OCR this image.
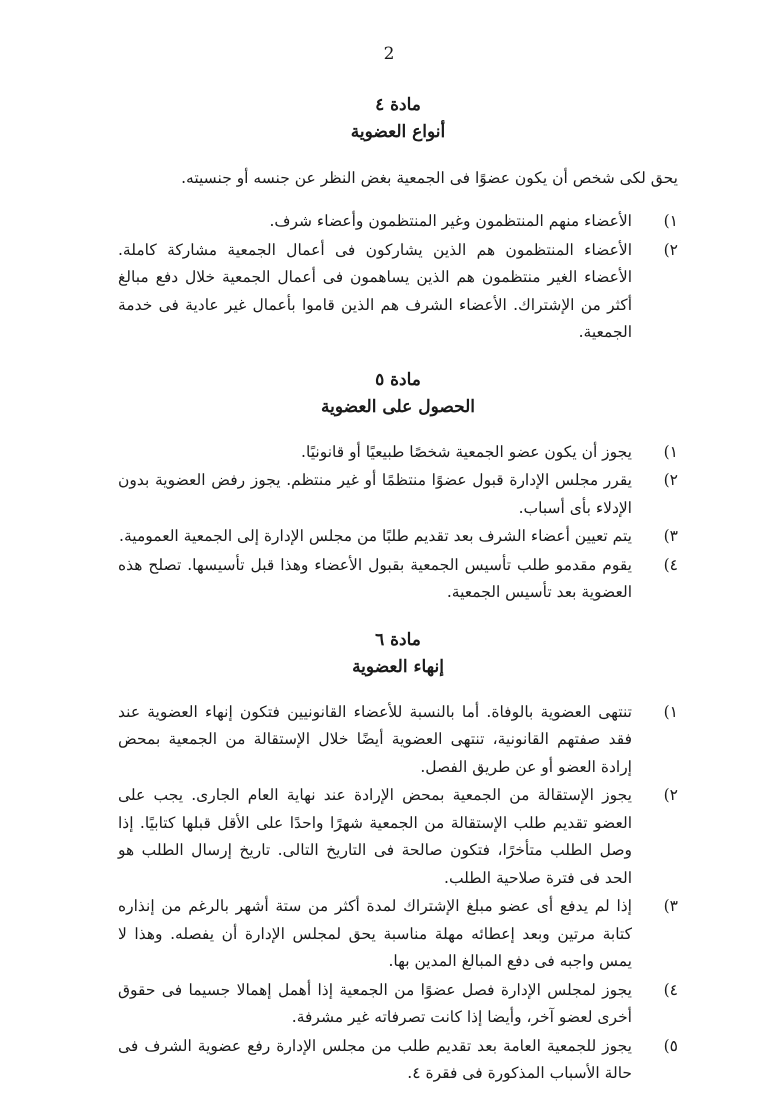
2
مادة ٤
أنواع العضوية
يحق لكى شخص أن يكون عضوًا فى الجمعية بغض النظر عن جنسه أو جنسيته.
١)
الأعضاء منهم المنتظمون وغير المنتظمون وأعضاء شرف.
٢)
الأعضاء المنتظمون هم الذين يشاركون فى أعمال الجمعية مشاركة كاملة. الأعضاء الغير منتظمون هم الذين يساهمون فى أعمال الجمعية خلال دفع مبالغ أكثر من الإشتراك. الأعضاء الشرف هم الذين قاموا بأعمال غير عادية فى خدمة الجمعية.
مادة ٥
الحصول على العضوية
١)
يجوز أن يكون عضو الجمعية شخصًا طبيعيًا أو قانونيًا.
٢)
يقرر مجلس الإدارة قبول عضوًا منتظمًا أو غير منتظم. يجوز رفض العضوية بدون الإدلاء بأى أسباب.
٣)
يتم تعيين أعضاء الشرف بعد تقديم طلبًا من مجلس الإدارة إلى الجمعية العمومية.
٤)
يقوم مقدمو طلب تأسيس الجمعية بقبول الأعضاء وهذا قبل تأسيسها. تصلح هذه العضوية بعد تأسيس الجمعية.
مادة ٦
إنهاء العضوية
١)
تنتهى العضوية بالوفاة. أما بالنسبة للأعضاء القانونيين فتكون إنهاء العضوية عند فقد صفتهم القانونية، تنتهى العضوية أيضًا خلال الإستقالة من الجمعية بمحض إرادة العضو أو عن طريق الفصل.
٢)
يجوز الإستقالة من الجمعية بمحض الإرادة عند نهاية العام الجارى. يجب على العضو تقديم طلب الإستقالة من الجمعية شهرًا واحدًا على الأقل قبلها كتابيًا. إذا وصل الطلب متأخرًا، فتكون صالحة فى التاريخ التالى. تاريخ إرسال الطلب هو الحد فى فترة صلاحية الطلب.
٣)
إذا لم يدفع أى عضو مبلغ الإشتراك لمدة أكثر من ستة أشهر بالرغم من إنذاره كتابة مرتين وبعد إعطائه مهلة مناسبة يحق لمجلس الإدارة أن يفصله. وهذا لا يمس واجبه فى دفع المبالغ المدين بها.
٤)
يجوز لمجلس الإدارة فصل عضوًا من الجمعية إذا أهمل إهمالا جسيما فى حقوق أخرى لعضو آخر، وأيضا إذا كانت تصرفاته غير مشرفة.
٥)
يجوز للجمعية العامة بعد تقديم طلب من مجلس الإدارة رفع عضوية الشرف فى حالة الأسباب المذكورة فى فقرة ٤.
